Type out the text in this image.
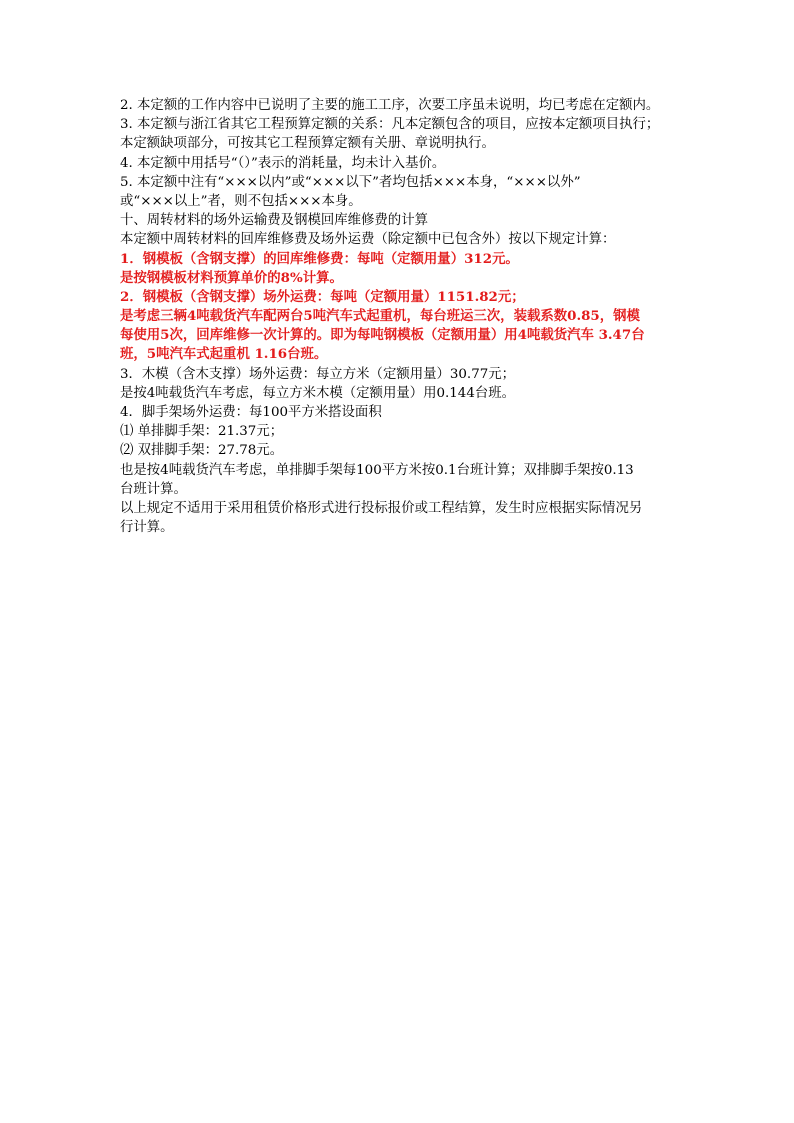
2. 本定额的工作内容中已说明了主要的施工工序，次要工序虽未说明，均已考虑在定额内。

3. 本定额与浙江省其它工程预算定额的关系：凡本定额包含的项目，应按本定额项目执行；

本定额缺项部分，可按其它工程预算定额有关册、章说明执行。

4. 本定额中用括号“（）”表示的消耗量，均未计入基价。

5. 本定额中注有“×××以内”或“×××以下”者均包括×××本身，“×××以外”

或“×××以上”者，则不包括×××本身。

十、周转材料的场外运输费及钢模回库维修费的计算

本定额中周转材料的回库维修费及场外运费（除定额中已包含外）按以下规定计算：

1．钢模板（含钢支撑）的回库维修费：每吨（定额用量）312元。

是按钢模板材料预算单价的8%计算。

2．钢模板（含钢支撑）场外运费：每吨（定额用量）1151.82元；

是考虑三辆4吨载货汽车配两台5吨汽车式起重机，每台班运三次，装载系数0.85，钢模

每使用5次，回库维修一次计算的。即为每吨钢模板（定额用量）用4吨载货汽车 3.47台

班，5吨汽车式起重机 1.16台班。

3．木模（含木支撑）场外运费：每立方米（定额用量）30.77元；

是按4吨载货汽车考虑，每立方米木模（定额用量）用0.144台班。

4．脚手架场外运费：每100平方米搭设面积

⑴ 单排脚手架：21.37元；

⑵ 双排脚手架：27.78元。

也是按4吨载货汽车考虑，单排脚手架每100平方米按0.1台班计算；双排脚手架按0.13

台班计算。

以上规定不适用于采用租赁价格形式进行投标报价或工程结算，发生时应根据实际情况另

行计算。
